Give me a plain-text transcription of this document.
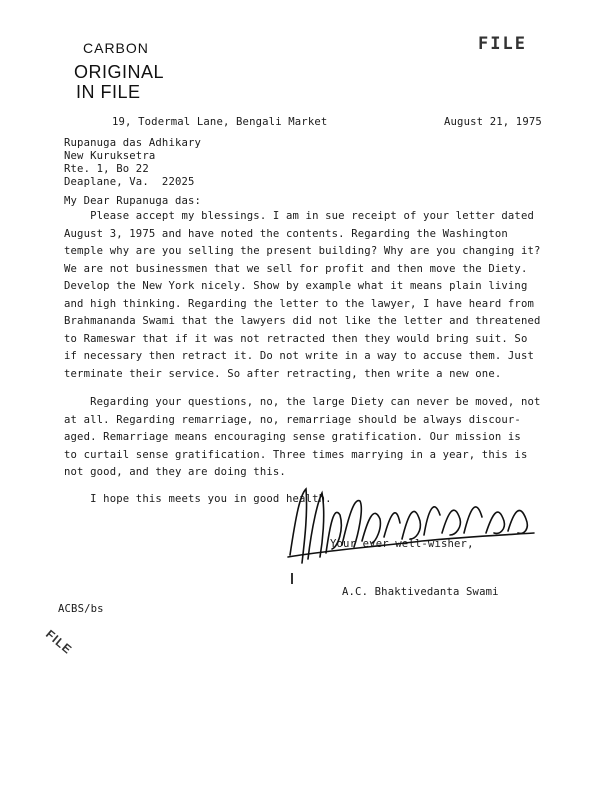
CARBON
ORIGINAL
IN FILE
FILE
19, Todermal Lane, Bengali Market	August 21, 1975
Rupanuga das Adhikary
New Kuruksetra
Rte. 1, Bo 22
Deaplane, Va.  22025
My Dear Rupanuga das:
Please accept my blessings. I am in sue receipt of your letter dated
August 3, 1975 and have noted the contents. Regarding the Washington
temple why are you selling the present building? Why are you changing it?
We are not businessmen that we sell for profit and then move the Diety.
Develop the New York nicely. Show by example what it means plain living
and high thinking. Regarding the letter to the lawyer, I have heard from
Brahmananda Swami that the lawyers did not like the letter and threatened
to Rameswar that if it was not retracted then they would bring suit. So
if necessary then retract it. Do not write in a way to accuse them. Just
terminate their service. So after retracting, then write a new one.
Regarding your questions, no, the large Diety can never be moved, not
at all. Regarding remarriage, no, remarriage should be always discour-
aged. Remarriage means encouraging sense gratification. Our mission is
to curtail sense gratification. Three times marrying in a year, this is
not good, and they are doing this.
I hope this meets you in good health.
Your ever well-wisher,
A.C. Bhaktivedanta Swami
ACBS/bs
FILE
